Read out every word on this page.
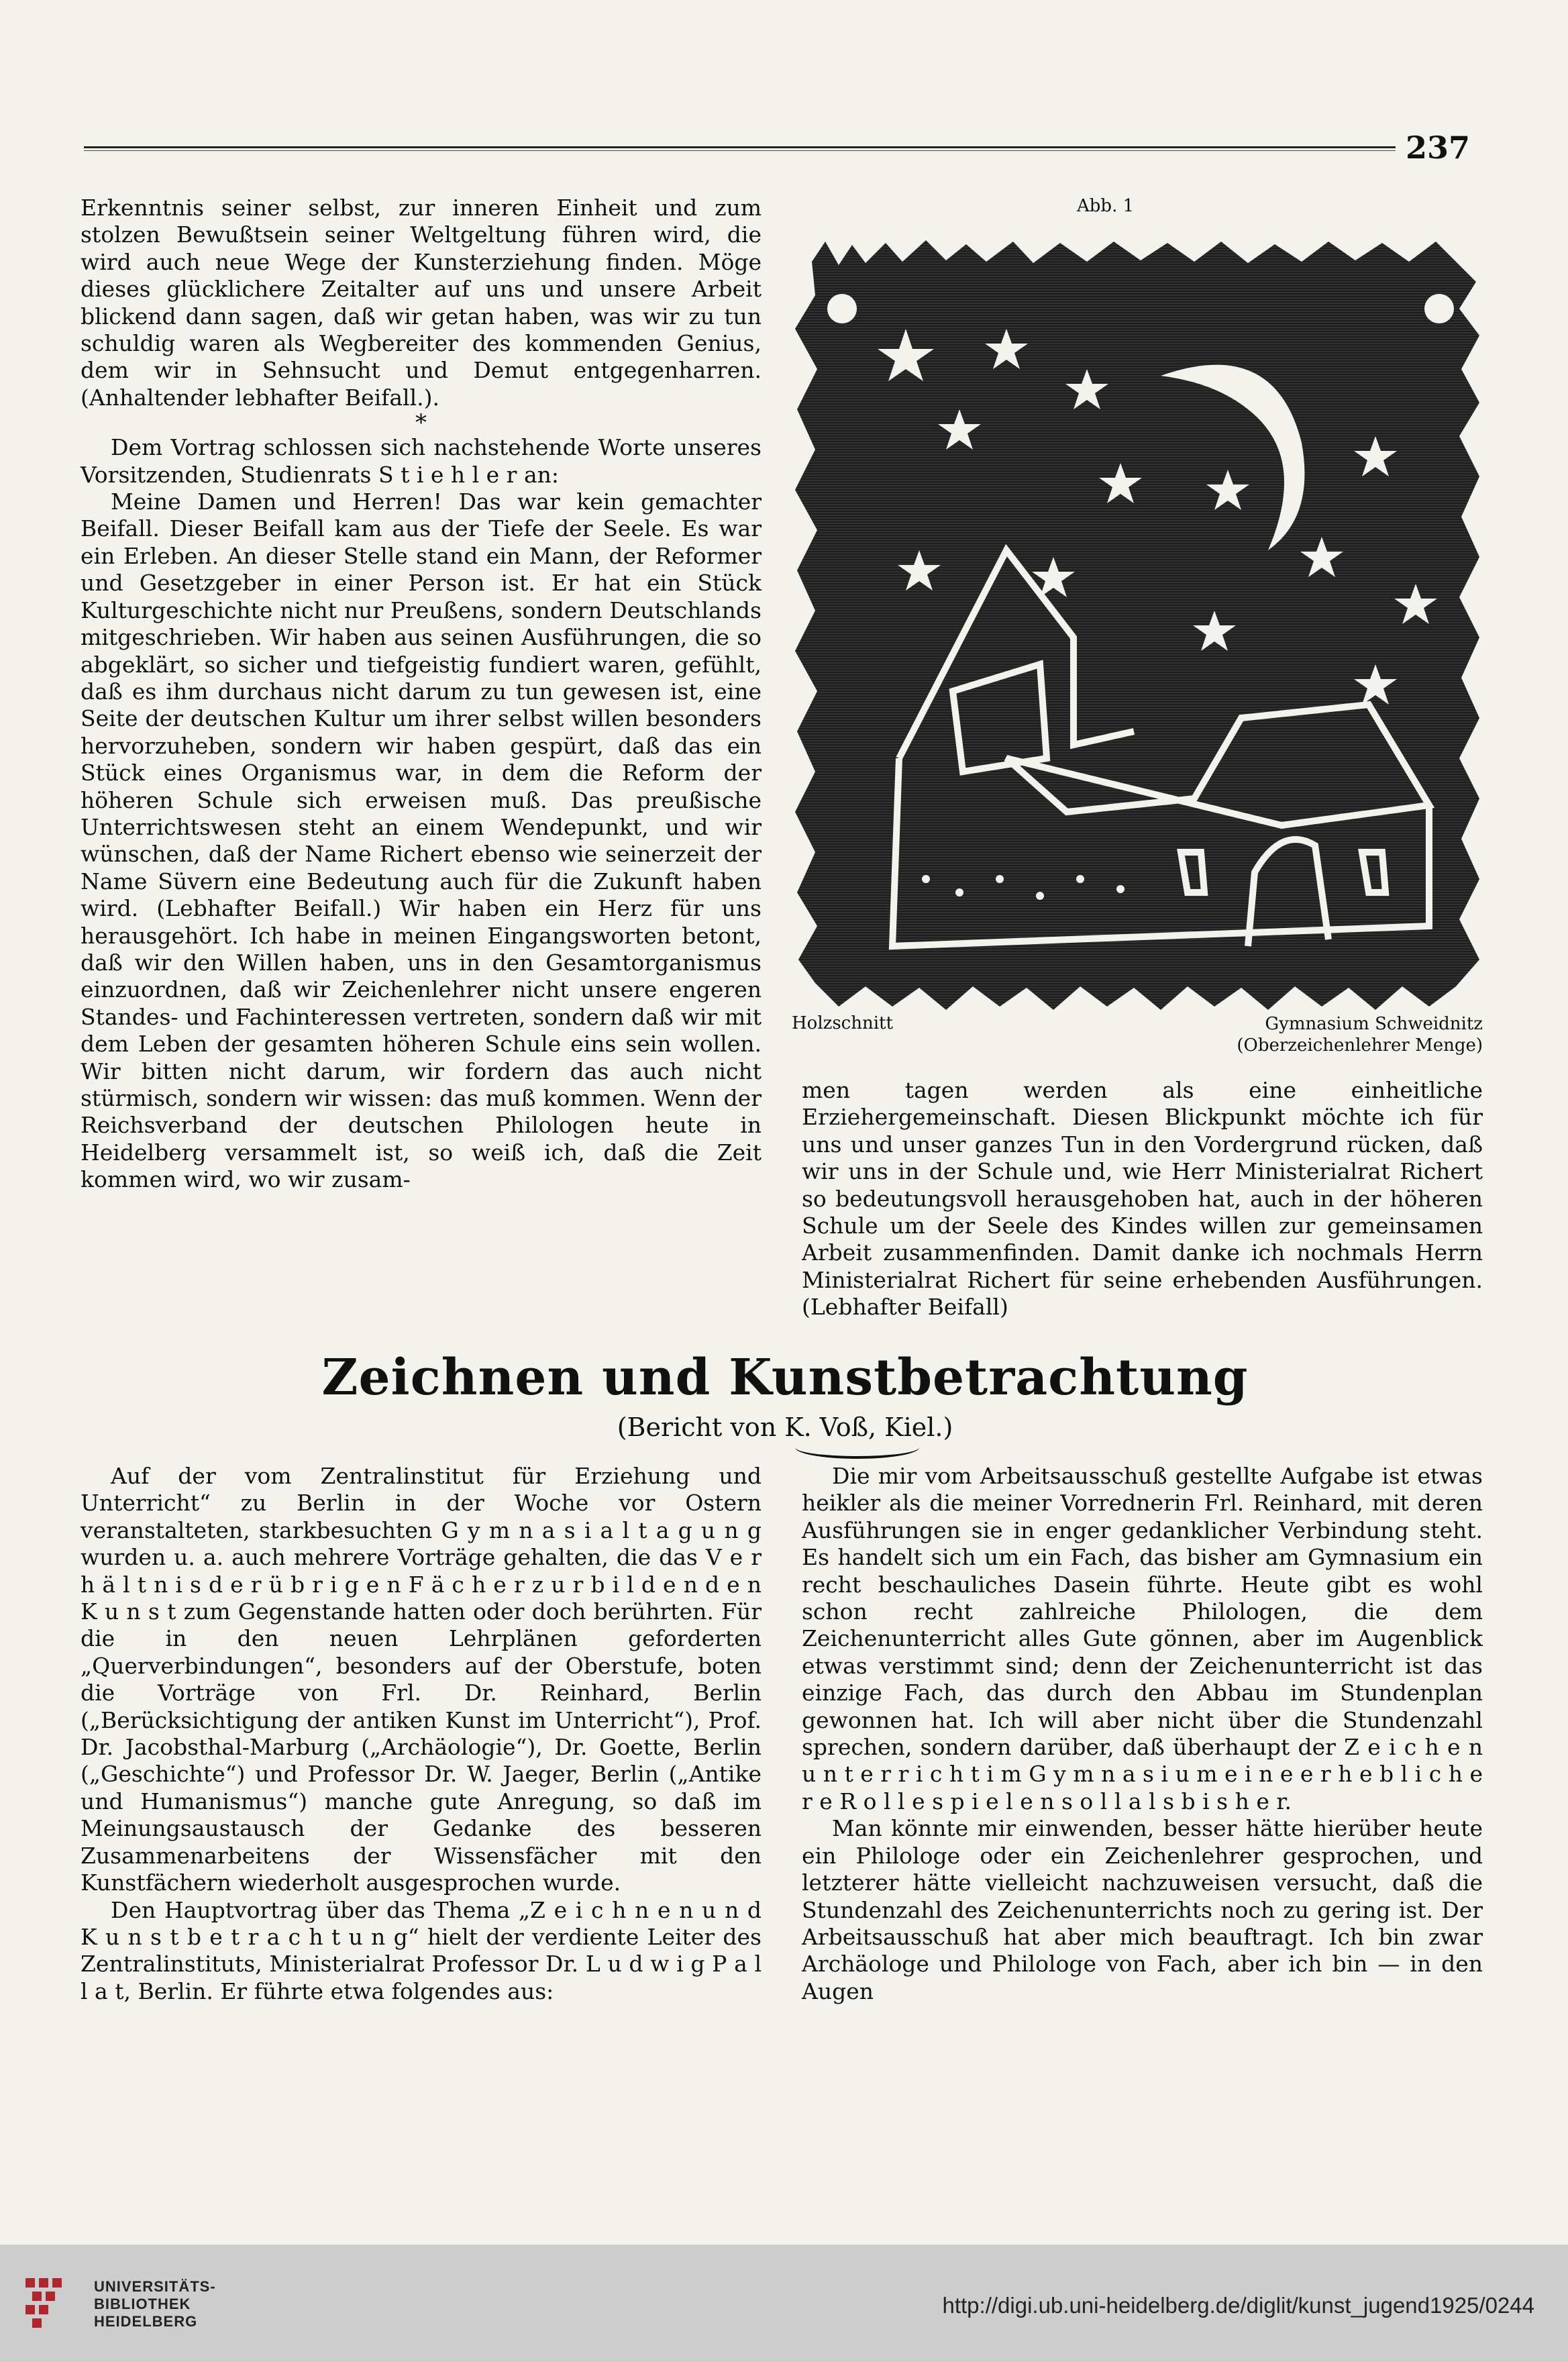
237

Erkenntnis seiner selbst, zur inneren Einheit und zum stolzen Bewußtsein seiner Weltgeltung führen wird, die wird auch neue Wege der Kunsterziehung finden. Möge dieses glücklichere Zeitalter auf uns und unsere Arbeit blickend dann sagen, daß wir getan haben, was wir zu tun schuldig waren als Wegbereiter des kommenden Genius, dem wir in Sehnsucht und Demut entgegenharren. (Anhaltender lebhafter Beifall.).

*

Dem Vortrag schlossen sich nachstehende Worte unseres Vorsitzenden, Studienrats S t i e h l e r an:

Meine Damen und Herren! Das war kein gemachter Beifall. Dieser Beifall kam aus der Tiefe der Seele. Es war ein Erleben. An dieser Stelle stand ein Mann, der Reformer und Gesetzgeber in einer Person ist. Er hat ein Stück Kulturgeschichte nicht nur Preußens, sondern Deutschlands mitgeschrieben. Wir haben aus seinen Ausführungen, die so abgeklärt, so sicher und tiefgeistig fundiert waren, gefühlt, daß es ihm durchaus nicht darum zu tun gewesen ist, eine Seite der deutschen Kultur um ihrer selbst willen besonders hervorzuheben, sondern wir haben gespürt, daß das ein Stück eines Organismus war, in dem die Reform der höheren Schule sich erweisen muß. Das preußische Unterrichtswesen steht an einem Wendepunkt, und wir wünschen, daß der Name Richert ebenso wie seinerzeit der Name Süvern eine Bedeutung auch für die Zukunft haben wird. (Lebhafter Beifall.) Wir haben ein Herz für uns herausgehört. Ich habe in meinen Eingangsworten betont, daß wir den Willen haben, uns in den Gesamtorganismus einzuordnen, daß wir Zeichenlehrer nicht unsere engeren Standes- und Fachinteressen vertreten, sondern daß wir mit dem Leben der gesamten höheren Schule eins sein wollen. Wir bitten nicht darum, wir fordern das auch nicht stürmisch, sondern wir wissen: das muß kommen. Wenn der Reichsverband der deutschen Philologen heute in Heidelberg versammelt ist, so weiß ich, daß die Zeit kommen wird, wo wir zusam-

Abb. 1
Holzschnitt	Gymnasium Schweidnitz
(Oberzeichenlehrer Menge)

men tagen werden als eine einheitliche Erziehergemeinschaft. Diesen Blickpunkt möchte ich für uns und unser ganzes Tun in den Vordergrund rücken, daß wir uns in der Schule und, wie Herr Ministerialrat Richert so bedeutungsvoll herausgehoben hat, auch in der höheren Schule um der Seele des Kindes willen zur gemeinsamen Arbeit zusammenfinden. Damit danke ich nochmals Herrn Ministerialrat Richert für seine erhebenden Ausführungen. (Lebhafter Beifall)

Zeichnen und Kunstbetrachtung
(Bericht von K. Voß, Kiel.)

Auf der vom Zentralinstitut für Erziehung und Unterricht“ zu Berlin in der Woche vor Ostern veranstalteten, starkbesuchten G y m n a s i a l t a g u n g wurden u. a. auch mehrere Vorträge gehalten, die das V e r h ä l t n i s d e r ü b r i g e n F ä c h e r z u r b i l d e n d e n K u n s t zum Gegenstande hatten oder doch berührten. Für die in den neuen Lehrplänen geforderten „Querverbindungen“, besonders auf der Oberstufe, boten die Vorträge von Frl. Dr. Reinhard, Berlin („Berücksichtigung der antiken Kunst im Unterricht“), Prof. Dr. Jacobsthal-Marburg („Archäologie“), Dr. Goette, Berlin („Geschichte“) und Professor Dr. W. Jaeger, Berlin („Antike und Humanismus“) manche gute Anregung, so daß im Meinungsaustausch der Gedanke des besseren Zusammenarbeitens der Wissensfächer mit den Kunstfächern wiederholt ausgesprochen wurde.

Den Hauptvortrag über das Thema „Z e i c h n e n u n d K u n s t b e t r a c h t u n g“ hielt der verdiente Leiter des Zentralinstituts, Ministerialrat Professor Dr. L u d w i g P a l l a t, Berlin. Er führte etwa folgendes aus:

Die mir vom Arbeitsausschuß gestellte Aufgabe ist etwas heikler als die meiner Vorrednerin Frl. Reinhard, mit deren Ausführungen sie in enger gedanklicher Verbindung steht. Es handelt sich um ein Fach, das bisher am Gymnasium ein recht beschauliches Dasein führte. Heute gibt es wohl schon recht zahlreiche Philologen, die dem Zeichenunterricht alles Gute gönnen, aber im Augenblick etwas verstimmt sind; denn der Zeichenunterricht ist das einzige Fach, das durch den Abbau im Stundenplan gewonnen hat. Ich will aber nicht über die Stundenzahl sprechen, sondern darüber, daß überhaupt der Z e i c h e n u n t e r r i c h t i m G y m n a s i u m e i n e e r h e b l i c h e r e R o l l e s p i e l e n s o l l a l s b i s h e r.

Man könnte mir einwenden, besser hätte hierüber heute ein Philologe oder ein Zeichenlehrer gesprochen, und letzterer hätte vielleicht nachzuweisen versucht, daß die Stundenzahl des Zeichenunterrichts noch zu gering ist. Der Arbeitsausschuß hat aber mich beauftragt. Ich bin zwar Archäologe und Philologe von Fach, aber ich bin — in den Augen

UNIVERSITÄTS-
BIBLIOTHEK
HEIDELBERG
http://digi.ub.uni-heidelberg.de/diglit/kunst_jugend1925/0244
